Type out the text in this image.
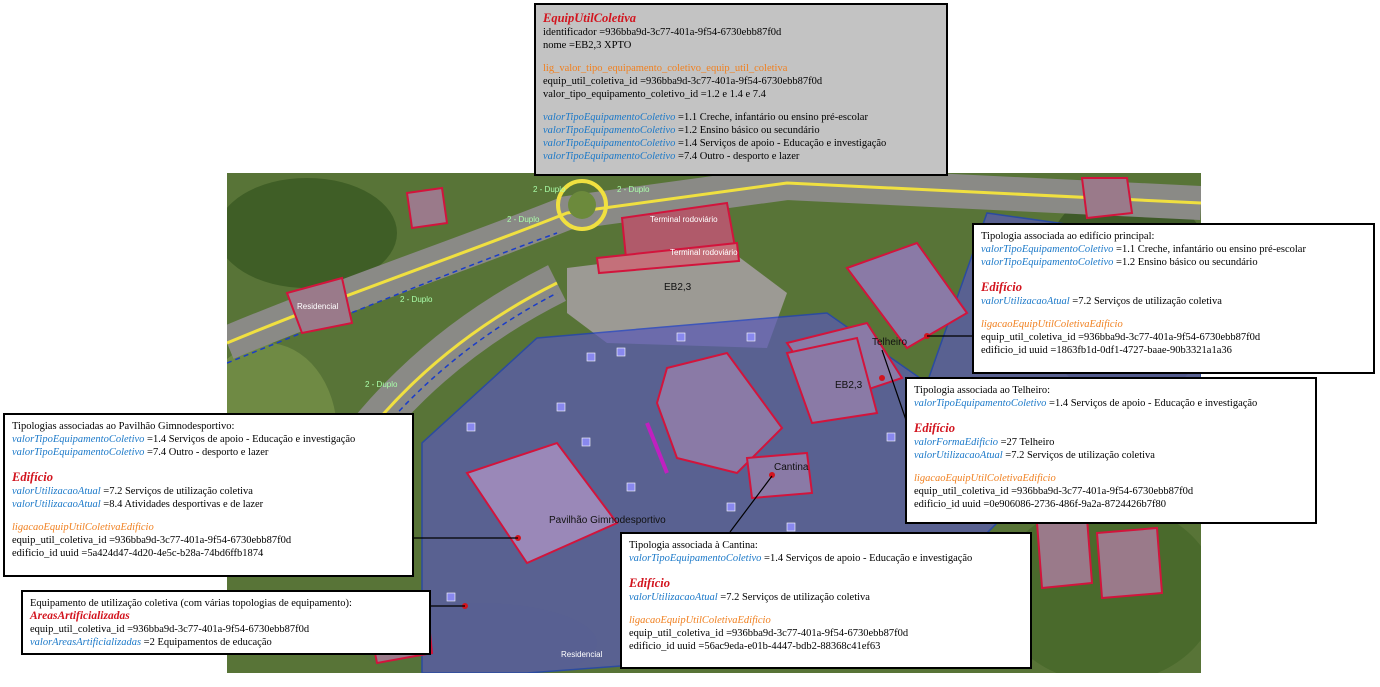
EB2,3
EB2,3
Telheiro
Cantina
Pavilhão Gimnodesportivo
Terminal rodoviário
Terminal rodoviário
Residencial
Residencial
2 - Duplo
2 - Duplo
2 - Duplo
2 - Duplo
2 - Duplo
EquipUtilColetiva
identificador =936bba9d-3c77-401a-9f54-6730ebb87f0d
nome =EB2,3 XPTO
lig_valor_tipo_equipamento_coletivo_equip_util_coletiva
equip_util_coletiva_id =936bba9d-3c77-401a-9f54-6730ebb87f0d
valor_tipo_equipamento_coletivo_id =1.2 e 1.4 e 7.4
valorTipoEquipamentoColetivo =1.1 Creche, infantário ou ensino pré-escolar
valorTipoEquipamentoColetivo =1.2 Ensino básico ou secundário
valorTipoEquipamentoColetivo =1.4 Serviços de apoio - Educação e investigação
valorTipoEquipamentoColetivo =7.4 Outro - desporto e lazer
Tipologia associada ao edifício principal:
valorTipoEquipamentoColetivo =1.1 Creche, infantário ou ensino pré-escolar
valorTipoEquipamentoColetivo =1.2 Ensino básico ou secundário
Edifício
valorUtilizacaoAtual =7.2 Serviços de utilização coletiva
ligacaoEquipUtilColetivaEdificio
equip_util_coletiva_id =936bba9d-3c77-401a-9f54-6730ebb87f0d
edificio_id uuid =1863fb1d-0df1-4727-baae-90b3321a1a36
Tipologia associada ao Telheiro:
valorTipoEquipamentoColetivo =1.4 Serviços de apoio - Educação e investigação
Edifício
valorFormaEdificio =27 Telheiro
valorUtilizacaoAtual =7.2 Serviços de utilização coletiva
ligacaoEquipUtilColetivaEdificio
equip_util_coletiva_id =936bba9d-3c77-401a-9f54-6730ebb87f0d
edificio_id uuid =0e906086-2736-486f-9a2a-8724426b7f80
Tipologias associadas ao Pavilhão Gimnodesportivo:
valorTipoEquipamentoColetivo =1.4 Serviços de apoio - Educação e investigação
valorTipoEquipamentoColetivo =7.4 Outro - desporto e lazer
Edifício
valorUtilizacaoAtual =7.2 Serviços de utilização coletiva
valorUtilizacaoAtual =8.4 Atividades desportivas e de lazer
ligacaoEquipUtilColetivaEdificio
equip_util_coletiva_id =936bba9d-3c77-401a-9f54-6730ebb87f0d
edificio_id uuid =5a424d47-4d20-4e5c-b28a-74bd6ffb1874
Tipologia associada à Cantina:
valorTipoEquipamentoColetivo =1.4 Serviços de apoio - Educação e investigação
Edifício
valorUtilizacaoAtual =7.2 Serviços de utilização coletiva
ligacaoEquipUtilColetivaEdificio
equip_util_coletiva_id =936bba9d-3c77-401a-9f54-6730ebb87f0d
edificio_id uuid =56ac9eda-e01b-4447-bdb2-88368c41ef63
Equipamento de utilização coletiva (com várias topologias de equipamento):
AreasArtificializadas
equip_util_coletiva_id =936bba9d-3c77-401a-9f54-6730ebb87f0d
valorAreasArtificializadas =2 Equipamentos de educação
